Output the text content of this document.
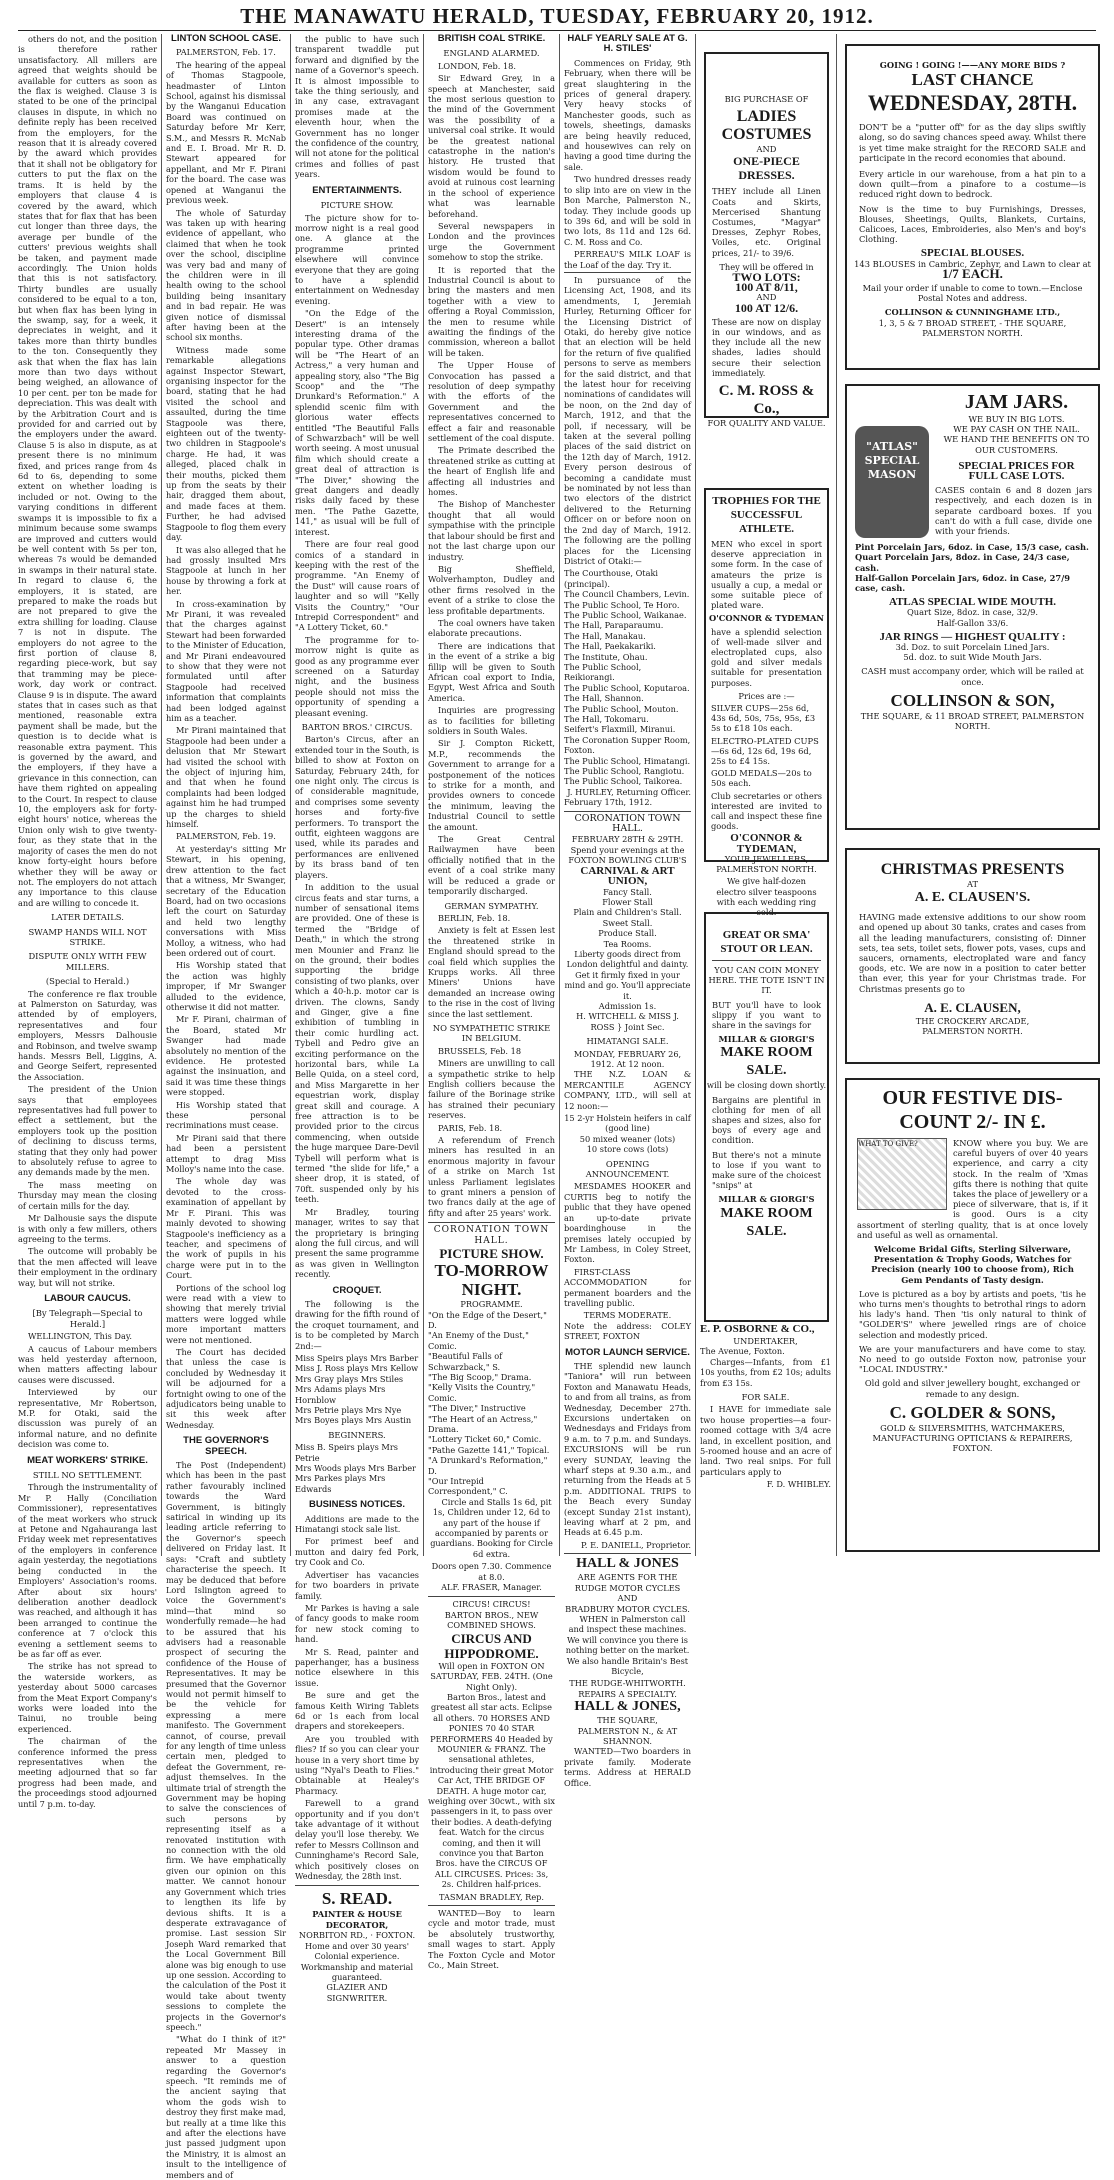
THE MANAWATU HERALD, TUESDAY, FEBRUARY 20, 1912.

others do not, and the position is therefore rather unsatisfactory. All millers are agreed that weights should be available for cutters as soon as the flax is weighed. Clause 3 is stated to be one of the principal clauses in dispute, in which no definite reply has been received from the employers, for the reason that it is already covered by the award which provides that it shall not be obligatory for cutters to put the flax on the trams. It is held by the employers that clause 4 is covered by the award, which states that for flax that has been cut longer than three days, the average per bundle of the cutters' previous weights shall be taken, and payment made accordingly. The Union holds that this is not satisfactory. Thirty bundles are usually considered to be equal to a ton, but when flax has been lying in the swamp, say, for a week, it depreciates in weight, and it takes more than thirty bundles to the ton. Consequently they ask that when the flax has lain more than two days without being weighed, an allowance of 10 per cent. per ton be made for depreciation. This was dealt with by the Arbitration Court and is provided for and carried out by the employers under the award. Clause 5 is also in dispute, as at present there is no minimum fixed, and prices range from 4s 6d to 6s, depending to some extent on whether loading is included or not. Owing to the varying conditions in different swamps it is impossible to fix a minimum because some swamps are improved and cutters would be well content with 5s per ton, whereas 7s would be demanded in swamps in their natural state. In regard to clause 6, the employers, it is stated, are prepared to make the roads but are not prepared to give the extra shilling for loading. Clause 7 is not in dispute. The employers do not agree to the first portion of clause 8, regarding piece-work, but say that tramming may be piece-work, day work or contract. Clause 9 is in dispute. The award states that in cases such as that mentioned, reasonable extra payment shall be made, but the question is to decide what is reasonable extra payment. This is governed by the award, and the employers, if they have a grievance in this connection, can have them righted on appealing to the Court. In respect to clause 10, the employers ask for forty-eight hours' notice, whereas the Union only wish to give twenty-four, as they state that in the majority of cases the men do not know forty-eight hours before whether they will be away or not. The employers do not attach any importance to this clause and are willing to concede it.

LATER DETAILS.
SWAMP HANDS WILL NOT STRIKE.
DISPUTE ONLY WITH FEW MILLERS.
(Special to Herald.)

The conference re flax trouble at Palmerston on Saturday, was attended by of employers, representatives and four employers, Messrs Dalhousie and Robinson, and twelve swamp hands. Messrs Bell, Liggins, A. and George Seifert, represented the Association.

The president of the Union says that employees representatives had full power to effect a settlement, but the employers took up the position of declining to discuss terms, stating that they only had power to absolutely refuse to agree to any demands made by the men.

The mass meeting on Thursday may mean the closing of certain mills for the day.

Mr Dalhousie says the dispute is with only a few millers, others agreeing to the terms.

The outcome will probably be that the men affected will leave their employment in the ordinary way, but will not strike.

LABOUR CAUCUS.
[By Telegraph—Special to Herald.]

WELLINGTON, This Day.

A caucus of Labour members was held yesterday afternoon, when matters affecting labour causes were discussed.

Interviewed by our representative, Mr Robertson, M.P. for Otaki, said the discussion was purely of an informal nature, and no definite decision was come to.

MEAT WORKERS' STRIKE.
STILL NO SETTLEMENT.

Through the instrumentality of Mr P. Hally (Conciliation Commissioner), representatives of the meat workers who struck at Petone and Ngahauranga last Friday week met representatives of the employers in conference again yesterday, the negotiations being conducted in the Employers' Association's rooms. After about six hours' deliberation another deadlock was reached, and although it has been arranged to continue the conference at 7 o'clock this evening a settlement seems to be as far off as ever.

The strike has not spread to the waterside workers, as yesterday about 5000 carcases from the Meat Export Company's works were loaded into the Tainui, no trouble being experienced.

The chairman of the conference informed the press representatives when the meeting adjourned that so far progress had been made, and the proceedings stood adjourned until 7 p.m. to-day.

LINTON SCHOOL CASE.

PALMERSTON, Feb. 17.

The hearing of the appeal of Thomas Stagpoole, headmaster of Linton School, against his dismissal by the Wanganui Education Board was continued on Saturday before Mr Kerr, S.M., and Messrs R. McNab and E. I. Broad. Mr R. D. Stewart appeared for appellant, and Mr F. Pirani for the board. The case was opened at Wanganui the previous week.

The whole of Saturday was taken up with hearing evidence of appellant, who claimed that when he took over the school, discipline was very bad and many of the children were in ill health owing to the school building being insanitary and in bad repair. He was given notice of dismissal after having been at the school six months.

Witness made some remarkable allegations against Inspector Stewart, organising inspector for the board, stating that he had visited the school and assaulted, during the time Stagpoole was there, eighteen out of the twenty-two children in Stagpoole's charge. He had, it was alleged, placed chalk in their mouths, picked them up from the seats by their hair, dragged them about, and made faces at them. Further, he had advised Stagpoole to flog them every day.

It was also alleged that he had grossly insulted Mrs Stagpoole at lunch in her house by throwing a fork at her.

In cross-examination by Mr Pirani, it was revealed that the charges against Stewart had been forwarded to the Minister of Education, and Mr Pirani endeavoured to show that they were not formulated until after Stagpoole had received information that complaints had been lodged against him as a teacher.

Mr Pirani maintained that Stagpoole had been under a delusion that Mr Stewart had visited the school with the object of injuring him, and that when he found complaints had been lodged against him he had trumped up the charges to shield himself.

PALMERSTON, Feb. 19.

At yesterday's sitting Mr Stewart, in his opening, drew attention to the fact that a witness, Mr Swanger, secretary of the Education Board, had on two occasions left the court on Saturday and held two lengthy conversations with Miss Molloy, a witness, who had been ordered out of court.

His Worship stated that the action was highly improper, if Mr Swanger alluded to the evidence, otherwise it did not matter.

Mr F. Pirani, chairman of the Board, stated Mr Swanger had made absolutely no mention of the evidence. He protested against the insinuation, and said it was time these things were stopped.

His Worship stated that these personal recriminations must cease.

Mr Pirani said that there had been a persistent attempt to drag Miss Molloy's name into the case.

The whole day was devoted to the cross-examination of appellant by Mr F. Pirani. This was mainly devoted to showing Stagpoole's inefficiency as a teacher, and specimens of the work of pupils in his charge were put in to the Court.

Portions of the school log were read with a view to showing that merely trivial matters were logged while more important matters were not mentioned.

The Court has decided that unless the case is concluded by Wednesday it will be adjourned for a fortnight owing to one of the adjudicators being unable to sit this week after Wednesday.

THE GOVERNOR'S SPEECH.

The Post (Independent) which has been in the past rather favourably inclined towards the Ward Government, is bitingly satirical in winding up its leading article referring to the Governor's speech delivered on Friday last. It says: "Craft and subtlety characterise the speech. It may be deduced that before Lord Islington agreed to voice the Government's mind—that mind so wonderfully remade—he had to be assured that his advisers had a reasonable prospect of securing the confidence of the House of Representatives. It may be presumed that the Governor would not permit himself to be the vehicle for expressing a mere manifesto. The Government cannot, of course, prevail for any length of time unless certain men, pledged to defeat the Government, re-adjust themselves. In the ultimate trial of strength the Government may be hoping to salve the consciences of such persons by representing itself as a renovated institution with no connection with the old firm. We have emphatically given our opinion on this matter. We cannot honour any Government which tries to lengthen its life by devious shifts. It is a desperate extravagance of promise. Last session Sir Joseph Ward remarked that the Local Government Bill alone was big enough to use up one session. According to the calculation of the Post it would take about twenty sessions to complete the projects in the Governor's speech."

"What do I think of it?" repeated Mr Massey in answer to a question regarding the Governor's speech. "It reminds me of the ancient saying that whom the gods wish to destroy they first make mad, but really at a time like this and after the elections have just passed judgment upon the Ministry, it is almost an insult to the intelligence of members and of

the public to have such transparent twaddle put forward and dignified by the name of a Governor's speech. It is almost impossible to take the thing seriously, and in any case, extravagant promises made at the eleventh hour, when the Government has no longer the confidence of the country, will not atone for the political crimes and follies of past years.

ENTERTAINMENTS.
PICTURE SHOW.

The picture show for to-morrow night is a real good one. A glance at the programme printed elsewhere will convince everyone that they are going to have a splendid entertainment on Wednesday evening.

"On the Edge of the Desert" is an intensely interesting drama of the popular type. Other dramas will be "The Heart of an Actress," a very human and appealing story, also "The Big Scoop" and the "The Drunkard's Reformation." A splendid scenic film with glorious water effects entitled "The Beautiful Falls of Schwarzbach" will be well worth seeing. A most unusual film which should create a great deal of attraction is "The Diver," showing the great dangers and deadly risks daily faced by these men. "The Pathe Gazette, 141," as usual will be full of interest.

There are four real good comics of a standard in keeping with the rest of the programme. "An Enemy of the Dust" will cause roars of laughter and so will "Kelly Visits the Country," "Our Intrepid Correspondent" and "A Lottery Ticket, 60."

The programme for to-morrow night is quite as good as any programme ever screened on a Saturday night, and the business people should not miss the opportunity of spending a pleasant evening.

BARTON BROS.' CIRCUS.

Barton's Circus, after an extended tour in the South, is billed to show at Foxton on Saturday, February 24th, for one night only. The circus is of considerable magnitude, and comprises some seventy horses and forty-five performers. To transport the outfit, eighteen waggons are used, while its parades and performances are enlivened by its brass band of ten players.

In addition to the usual circus feats and star turns, a number of sensational items are provided. One of these is termed the "Bridge of Death," in which the strong men Mounier and Franz lie on the ground, their bodies supporting the bridge consisting of two planks, over which a 40-h.p. motor car is driven. The clowns, Sandy and Ginger, give a fine exhibition of tumbling in their comic hurdling act. Tybell and Pedro give an exciting performance on the horizontal bars, while La Belle Quida, on a steel cord, and Miss Margarette in her equestrian work, display great skill and courage. A free attraction is to be provided prior to the circus commencing, when outside the huge marquee Dare-Devil Tybell will perform what is termed "the slide for life," a sheer drop, it is stated, of 70ft. suspended only by his teeth.

Mr Bradley, touring manager, writes to say that the proprietary is bringing along the full circus, and will present the same programme as was given in Wellington recently.

CROQUET.

The following is the drawing for the fifth round of the croquet tournament, and is to be completed by March 2nd:—

Miss Speirs plays Mrs Barber
Miss J. Ross plays Mrs Kellow
Mrs Gray plays Mrs Stiles
Mrs Adams plays Mrs Hornblow
Mrs Petrie plays Mrs Nye
Mrs Boyes plays Mrs Austin
BEGINNERS.
Miss B. Speirs plays Mrs Petrie
Mrs Woods plays Mrs Barber
Mrs Parkes plays Mrs Edwards
BUSINESS NOTICES.

Additions are made to the Himatangi stock sale list.

For primest beef and mutton and dairy fed Pork, try Cook and Co.

Advertiser has vacancies for two boarders in private family.

Mr Parkes is having a sale of fancy goods to make room for new stock coming to hand.

Mr S. Read, painter and paperhanger, has a business notice elsewhere in this issue.

Be sure and get the famous Keith Wiring Tablets 6d or 1s each from local drapers and storekeepers.

Are you troubled with flies? If so you can clear your house in a very short time by using "Nyal's Death to Flies." Obtainable at Healey's Pharmacy.

Farewell to a grand opportunity and if you don't take advantage of it without delay you'll lose thereby. We refer to Messrs Collinson and Cunninghame's Record Sale, which positively closes on Wednesday, the 28th inst.

S. READ.
PAINTER & HOUSE DECORATOR,
NORBITON RD., · FOXTON.
Home and over 30 years' Colonial experience.
Workmanship and material guaranteed.
GLAZIER AND SIGNWRITER.
BRITISH COAL STRIKE.
ENGLAND ALARMED.

LONDON, Feb. 18.

Sir Edward Grey, in a speech at Manchester, said the most serious question to the mind of the Government was the possibility of a universal coal strike. It would be the greatest national catastrophe in the nation's history. He trusted that wisdom would be found to avoid at ruinous cost learning in the school of experience what was learnable beforehand.

Several newspapers in London and the provinces urge the Government somehow to stop the strike.

It is reported that the Industrial Council is about to bring the masters and men together with a view to offering a Royal Commission, the men to resume while awaiting the findings of the commission, whereon a ballot will be taken.

The Upper House of Convocation has passed a resolution of deep sympathy with the efforts of the Government and the representatives concerned to effect a fair and reasonable settlement of the coal dispute.

The Primate described the threatened strike as cutting at the heart of English life and affecting all industries and homes.

The Bishop of Manchester thought that all would sympathise with the principle that labour should be first and not the last charge upon our industry.

Big Sheffield, Wolverhampton, Dudley and other firms resolved in the event of a strike to close the less profitable departments.

The coal owners have taken elaborate precautions.

There are indications that in the event of a strike a big fillip will be given to South African coal export to India, Egypt, West Africa and South America.

Inquiries are progressing as to facilities for billeting soldiers in South Wales.

Sir J. Compton Rickett, M.P., recommends the Government to arrange for a postponement of the notices to strike for a month, and provides owners to concede the minimum, leaving the Industrial Council to settle the amount.

The Great Central Railwaymen have been officially notified that in the event of a coal strike many will be reduced a grade or temporarily discharged.

GERMAN SYMPATHY.

BERLIN, Feb. 18.

Anxiety is felt at Essen lest the threatened strike in England should spread to the coal field which supplies the Krupps works. All three Miners' Unions have demanded an increase owing to the rise in the cost of living since the last settlement.

NO SYMPATHETIC STRIKE IN BELGIUM.

BRUSSELS, Feb. 18

Miners are unwilling to call a sympathetic strike to help English colliers because the failure of the Borinage strike has strained their pecuniary reserves.

PARIS, Feb. 18.

A referendum of French miners has resulted in an enormous majority in favour of a strike on March 1st unless Parliament legislates to grant miners a pension of two francs daily at the age of fifty and after 25 years' work.

CORONATION TOWN HALL.
PICTURE SHOW.
TO-MORROW NIGHT.
PROGRAMME.
"On the Edge of the Desert," D.
"An Enemy of the Dust," Comic.
"Beautiful Falls of Schwarzback," S.
"The Big Scoop," Drama.
"Kelly Visits the Country," Comic.
"The Diver," Instructive
"The Heart of an Actress," Drama.
"Lottery Ticket 60," Comic.
"Pathe Gazette 141," Topical.
"A Drunkard's Reformation," D.
"Our Intrepid Correspondent," C.

Circle and Stalls 1s 6d, pit 1s, Children under 12, 6d to any part of the house if accompanied by parents or guardians. Booking for Circle 6d extra.

Doors open 7.30. Commence at 8.0.
ALF. FRASER, Manager.
CIRCUS! CIRCUS!
BARTON BROS., NEW COMBINED SHOWS.
CIRCUS AND HIPPODROME.
Will open in FOXTON ON SATURDAY, FEB. 24TH. (One Night Only).

Barton Bros., latest and greatest all star acts. Eclipse all others. 70 HORSES AND PONIES 70 40 STAR PERFORMERS 40 Headed by MOUNIER & FRANZ. The sensational athletes, introducing their great Motor Car Act, THE BRIDGE OF DEATH. A huge motor car, weighing over 30cwt., with six passengers in it, to pass over their bodies. A death-defying feat. Watch for the circus coming, and then it will convince you that Barton Bros. have the CIRCUS OF ALL CIRCUSES. Prices: 3s, 2s. Children half-prices.

TASMAN BRADLEY, Rep.

WANTED—Boy to learn cycle and motor trade, must be absolutely trustworthy, small wages to start. Apply The Foxton Cycle and Motor Co., Main Street.

HALF YEARLY SALE AT G. H. STILES'

Commences on Friday, 9th February, when there will be great slaughtering in the prices of general drapery. Very heavy stocks of Manchester goods, such as towels, sheetings, damasks are being heavily reduced, and housewives can rely on having a good time during the sale.

Two hundred dresses ready to slip into are on view in the Bon Marche, Palmerston N., today. They include goods up to 39s 6d, and will be sold in two lots, 8s 11d and 12s 6d. C. M. Ross and Co.

PERREAU'S MILK LOAF is the Loaf of the day. Try it.

In pursuance of the Licensing Act, 1908, and its amendments, I, Jeremiah Hurley, Returning Officer for the Licensing District of Otaki, do hereby give notice that an election will be held for the return of five qualified persons to serve as members for the said district, and that the latest hour for receiving nominations of candidates will be noon, on the 2nd day of March, 1912, and that the poll, if necessary, will be taken at the several polling places of the said district on the 12th day of March, 1912. Every person desirous of becoming a candidate must be nominated by not less than two electors of the district delivered to the Returning Officer on or before noon on the 2nd day of March, 1912. The following are the polling places for the Licensing District of Otaki:—

The Courthouse, Otaki (principal).
The Council Chambers, Levin.
The Public School, Te Horo.
The Public School, Waikanae.
The Hall, Paraparaumu.
The Hall, Manakau.
The Hall, Paekakariki.
The Institute, Ohau.
The Public School, Reikiorangi.
The Public School, Koputaroa.
The Hall, Shannon.
The Public School, Mouton.
The Hall, Tokomaru.
Seifert's Flaxmill, Miranui.
The Coronation Supper Room, Foxton.
The Public School, Himatangi.
The Public School, Rangiotu.
The Public School, Taikorea.
J. HURLEY, Returning Officer.
February 17th, 1912.
CORONATION TOWN HALL.
FEBRUARY 28TH & 29TH.
Spend your evenings at the FOXTON BOWLING CLUB'S
CARNIVAL & ART UNION,
Fancy Stall.
Flower Stall
Plain and Children's Stall.
Sweet Stall.
Produce Stall.
Tea Rooms.
Liberty goods direct from London delightful and dainty.
Get it firmly fixed in your mind and go. You'll appreciate it.
Admission 1s.
H. WITCHELL & MISS J. ROSS } Joint Sec.
HIMATANGI SALE.
MONDAY, FEBRUARY 26, 1912. At 12 noon.

THE N.Z. LOAN & MERCANTILE AGENCY COMPANY, LTD., will sell at 12 noon:—

15 2-yr Holstein heifers in calf (good line)
50 mixed weaner (lots)
10 store cows (lots)
OPENING ANNOUNCEMENT.

MESDAMES HOOKER and CURTIS beg to notify the public that they have opened an up-to-date private boardinghouse in the premises lately occupied by Mr Lambess, in Coley Street, Foxton.

FIRST-CLASS ACCOMMODATION for permanent boarders and the travelling public.

TERMS MODERATE.
Note the address: COLEY STREET, FOXTON
MOTOR LAUNCH SERVICE.

THE splendid new launch "Taniora" will run between Foxton and Manawatu Heads, to and from all trains, as from Wednesday, December 27th. Excursions undertaken on Wednesdays and Fridays from 9 a.m. to 7 p.m. and Sundays. EXCURSIONS will be run every SUNDAY, leaving the wharf steps at 9.30 a.m., and returning from the Heads at 5 p.m. ADDITIONAL TRIPS to the Beach every Sunday (except Sunday 21st instant), leaving wharf at 2 pm, and Heads at 6.45 p.m.

P. E. DANIELL, Proprietor.
HALL & JONES
ARE AGENTS FOR THE RUDGE MOTOR CYCLES
AND
BRADBURY MOTOR CYCLES.

WHEN in Palmerston call and inspect these machines. We will convince you there is nothing better on the market. We also handle Britain's Best Bicycle,

THE RUDGE-WHITWORTH.
REPAIRS A SPECIALTY.
HALL & JONES,
THE SQUARE,
PALMERSTON N., & AT SHANNON.

WANTED—Two boarders in private family. Moderate terms. Address at HERALD Office.

BIG PURCHASE OF
LADIES COSTUMES
AND
ONE-PIECE DRESSES.

THEY include all Linen Coats and Skirts, Mercerised Shantung Costumes, "Magyar" Dresses, Zephyr Robes, Voiles, etc. Original prices, 21/- to 39/6.

They will be offered in
TWO LOTS:
100 AT 8/11,
AND
100 AT 12/6.

These are now on display in our windows, and as they include all the new shades, ladies should secure their selection immediately.

C. M. ROSS & Co.,
FOR QUALITY AND VALUE.
TROPHIES FOR THE SUCCESSFUL ATHLETE.

MEN who excel in sport deserve appreciation in some form. In the case of amateurs the prize is usually a cup, a medal or some suitable piece of plated ware.

O'CONNOR & TYDEMAN

have a splendid selection of well-made silver and electroplated cups, also gold and silver medals suitable for presentation purposes.

Prices are :—

SILVER CUPS—25s 6d, 43s 6d, 50s, 75s, 95s, £3 5s to £18 10s each.

ELECTRO-PLATED CUPS—6s 6d, 12s 6d, 19s 6d, 25s to £4 15s.

GOLD MEDALS—20s to 50s each.

Club secretaries or others interested are invited to call and inspect these fine goods.

O'CONNOR & TYDEMAN,
YOUR JEWELLERS,
PALMERSTON NORTH.

We give half-dozen electro silver teaspoons with each wedding ring sold.

GREAT OR SMA' STOUT OR LEAN.
YOU CAN COIN MONEY HERE. THE TOTE ISN'T IN IT.

BUT you'll have to look slippy if you want to share in the savings for

MILLAR & GIORGI'S
MAKE ROOM
SALE.
will be closing down shortly.

Bargains are plentiful in clothing for men of all shapes and sizes, also for boys of every age and condition.

But there's not a minute to lose if you want to make sure of the choicest "snips" at

MILLAR & GIORGI'S
MAKE ROOM
SALE.
E. P. OSBORNE & CO.,
UNDERTAKER,
The Avenue, Foxton.

Charges—Infants, from £1 10s youths, from £2 10s; adults from £3 15s.

FOR SALE.

I HAVE for immediate sale two house properties—a four-roomed cottage with 3/4 acre land, in excellent position, and 5-roomed house and an acre of land. Two real snips. For full particulars apply to

F. D. WHIBLEY.
GOING ! GOING !——ANY MORE BIDS ?
LAST CHANCE
WEDNESDAY, 28TH.

DON'T be a "putter off" for as the day slips swiftly along, so do saving chances speed away. Whilst there is yet time make straight for the RECORD SALE and participate in the record economies that abound.

Every article in our warehouse, from a hat pin to a down quilt—from a pinafore to a costume—is reduced right down to bedrock.

Now is the time to buy Furnishings, Dresses, Blouses, Sheetings, Quilts, Blankets, Curtains, Calicoes, Laces, Embroideries, also Men's and boy's Clothing.

SPECIAL BLOUSES.
143 BLOUSES in Cambric, Zephyr, and Lawn to clear at
1/7 EACH.

Mail your order if unable to come to town.—Enclose Postal Notes and address.

COLLINSON & CUNNINGHAME LTD.,
1, 3, 5 & 7 BROAD STREET, - THE SQUARE,
PALMERSTON NORTH.
"ATLAS" SPECIAL MASON
JAM JARS.
WE BUY IN BIG LOTS.
WE PAY CASH ON THE NAIL.
WE HAND THE BENEFITS ON TO OUR CUSTOMERS.
SPECIAL PRICES FOR
FULL CASE LOTS.

CASES contain 6 and 8 dozen jars respectively, and each dozen is in separate cardboard boxes. If you can't do with a full case, divide one with your friends.

Pint Porcelain Jars, 6doz. in Case, 15/3 case, cash.
Quart Porcelain Jars, 8doz. in Case, 24/3 case, cash.
Half-Gallon Porcelain Jars, 6doz. in Case, 27/9 case, cash.
ATLAS SPECIAL WIDE MOUTH.
Quart Size, 8doz. in case, 32/9.
Half-Gallon 33/6.
JAR RINGS — HIGHEST QUALITY :
3d. Doz. to suit Porcelain Lined Jars.
5d. doz. to suit Wide Mouth Jars.

CASH must accompany order, which will be railed at once.

COLLINSON & SON,
THE SQUARE, & 11 BROAD STREET, PALMERSTON NORTH.
CHRISTMAS PRESENTS
AT
A. E. CLAUSEN'S.

HAVING made extensive additions to our show room and opened up about 30 tanks, crates and cases from all the leading manufacturers, consisting of: Dinner sets, tea sets, toilet sets, flower pots, vases, cups and saucers, ornaments, electroplated ware and fancy goods, etc. We are now in a position to cater better than ever, this year for your Christmas trade. For Christmas presents go to

A. E. CLAUSEN,
THE CROCKERY ARCADE,
PALMERSTON NORTH.
OUR FESTIVE DIS-
COUNT 2/- IN £.
WHAT TO GIVE?	KNOW where you buy. We are careful buyers of over 40 years experience, and carry a city stock. In the realm of 'Xmas gifts there is nothing that quite takes the place of jewellery or a piece of silverware, that is, if it is good. Ours is a city assortment of sterling quality, that is at once lovely and useful as well as ornamental.

Welcome Bridal Gifts, Sterling Silverware, Presentation & Trophy Goods, Watches for Precision (nearly 100 to choose from), Rich Gem Pendants of Tasty design.

Love is pictured as a boy by artists and poets, 'tis he who turns men's thoughts to betrothal rings to adorn his lady's hand. Then 'tis only natural to think of "GOLDER'S" where jewelled rings are of choice selection and modestly priced.

We are your manufacturers and have come to stay. No need to go outside Foxton now, patronise your "LOCAL INDUSTRY."

Old gold and silver jewellery bought, exchanged or remade to any design.

C. GOLDER & SONS,
GOLD & SILVERSMITHS, WATCHMAKERS, MANUFACTURING OPTICIANS & REPAIRERS,
FOXTON.
